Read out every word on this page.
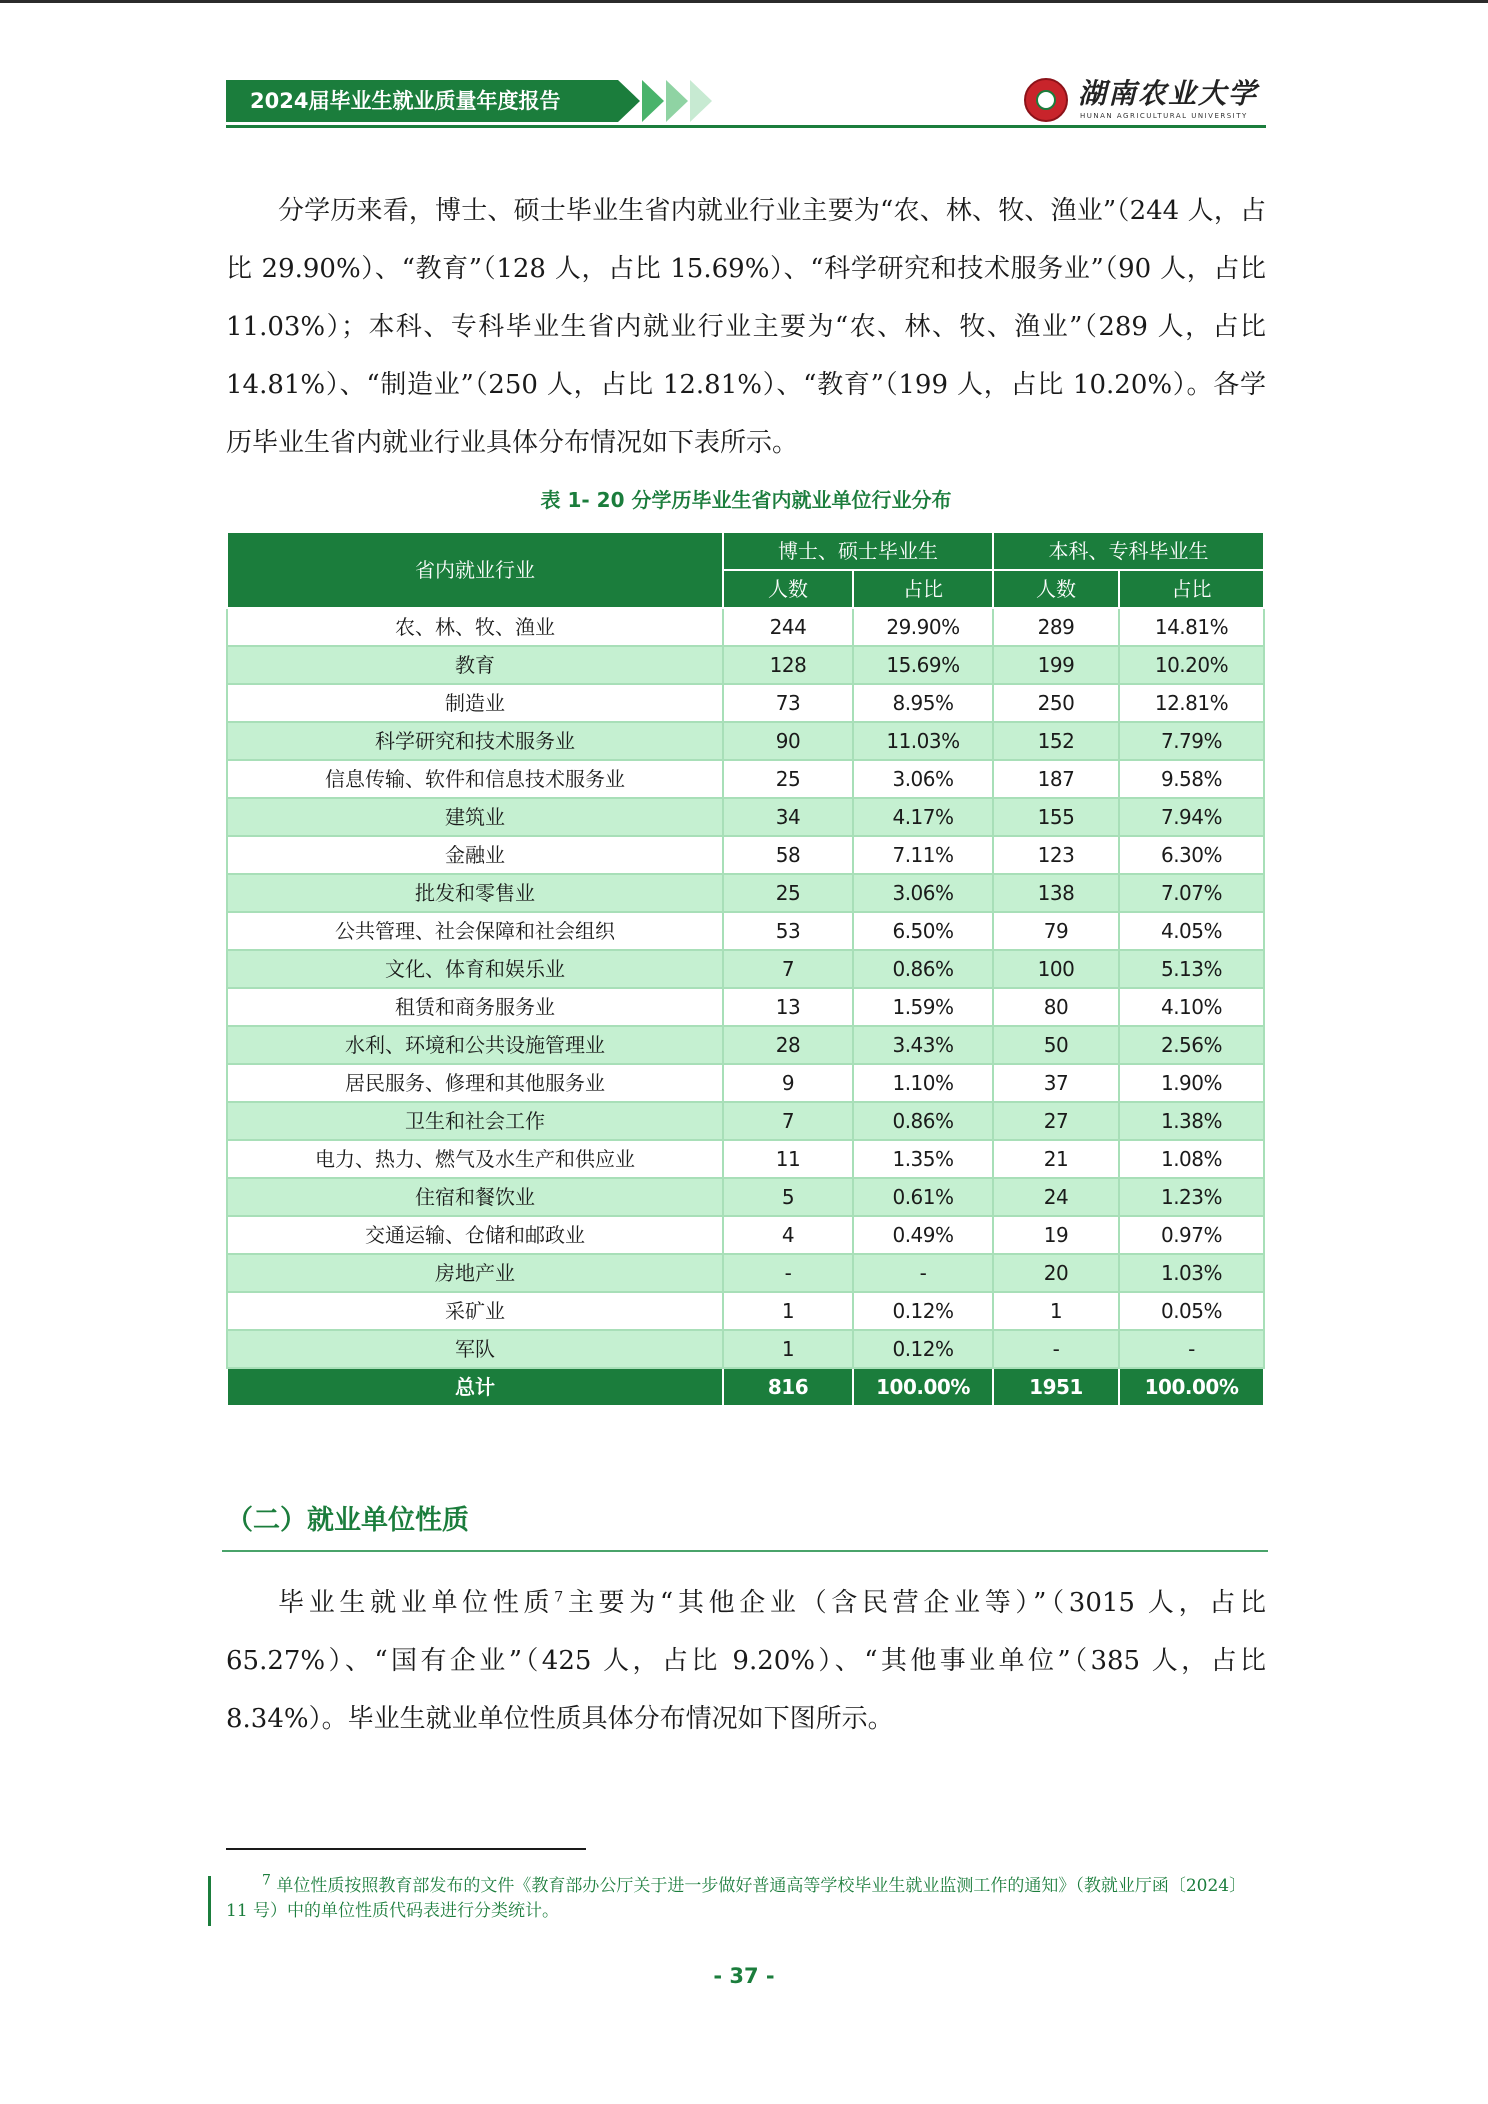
2024届毕业生就业质量年度报告	湖南农业大学
HUNAN AGRICULTURAL UNIVERSITY

分学历来看，博士、硕士毕业生省内就业行业主要为“农、林、牧、渔业”（244 人，占比 29.90%）、“教育”（128 人，占比 15.69%）、“科学研究和技术服务业”（90 人，占比 11.03%）；本科、专科毕业生省内就业行业主要为“农、林、牧、渔业”（289 人，占比 14.81%）、“制造业”（250 人，占比 12.81%）、“教育”（199 人，占比 10.20%）。各学历毕业生省内就业行业具体分布情况如下表所示。

表 1- 20 分学历毕业生省内就业单位行业分布
省内就业行业	博士、硕士毕业生		本科、专科毕业生	
	人数	占比	人数	占比
农、林、牧、渔业	244	29.90%	289	14.81%
教育	128	15.69%	199	10.20%
制造业	73	8.95%	250	12.81%
科学研究和技术服务业	90	11.03%	152	7.79%
信息传输、软件和信息技术服务业	25	3.06%	187	9.58%
建筑业	34	4.17%	155	7.94%
金融业	58	7.11%	123	6.30%
批发和零售业	25	3.06%	138	7.07%
公共管理、社会保障和社会组织	53	6.50%	79	4.05%
文化、体育和娱乐业	7	0.86%	100	5.13%
租赁和商务服务业	13	1.59%	80	4.10%
水利、环境和公共设施管理业	28	3.43%	50	2.56%
居民服务、修理和其他服务业	9	1.10%	37	1.90%
卫生和社会工作	7	0.86%	27	1.38%
电力、热力、燃气及水生产和供应业	11	1.35%	21	1.08%
住宿和餐饮业	5	0.61%	24	1.23%
交通运输、仓储和邮政业	4	0.49%	19	0.97%
房地产业	-	-	20	1.03%
采矿业	1	0.12%	1	0.05%
军队	1	0.12%	-	-
总计	816	100.00%	1951	100.00%
（二）就业单位性质

毕业生就业单位性质$^7$主要为“其他企业（含民营企业等）”（3015 人，占比 65.27%）、“国有企业”（425 人，占比 9.20%）、“其他事业单位”（385 人，占比 8.34%）。毕业生就业单位性质具体分布情况如下图所示。

$^7$ 单位性质按照教育部发布的文件《教育部办公厅关于进一步做好普通高等学校毕业生就业监测工作的通知》（教就业厅函〔2024〕11 号）中的单位性质代码表进行分类统计。

- 37 -
